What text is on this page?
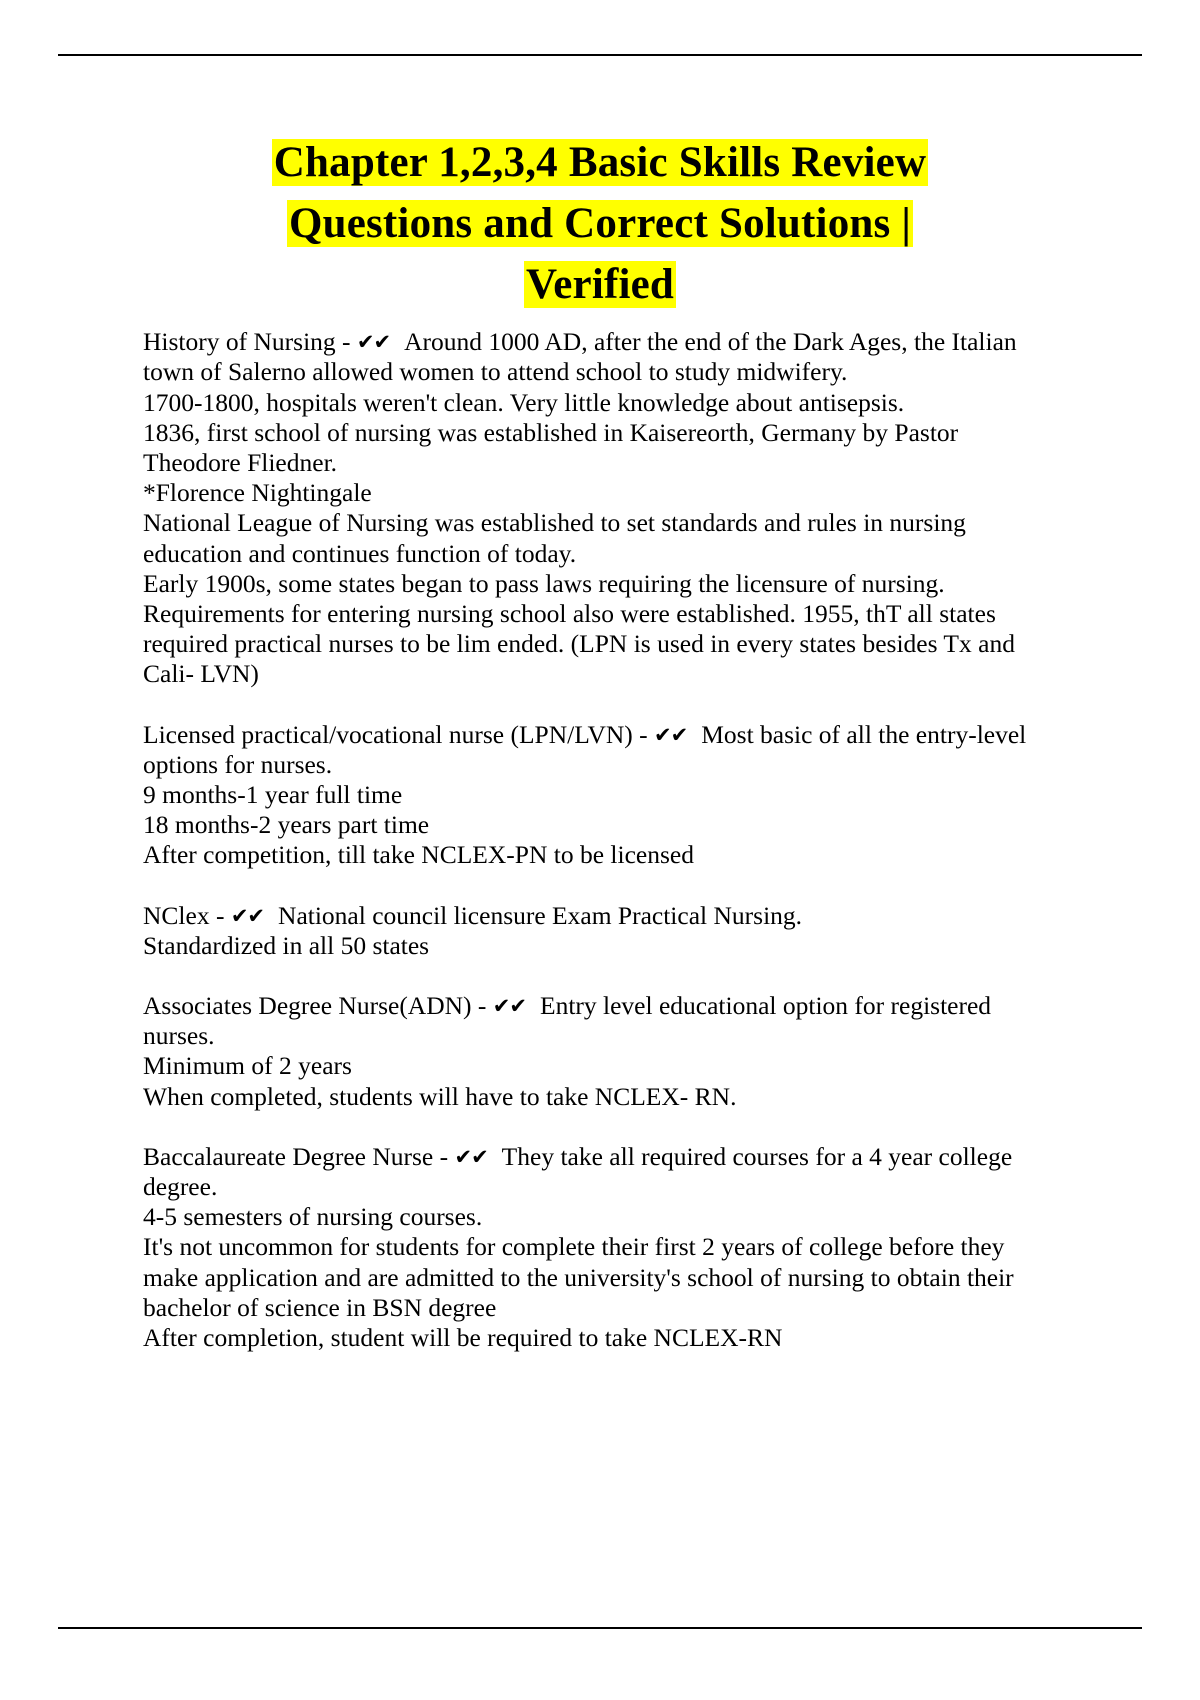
Chapter 1,2,3,4 Basic Skills Review
Questions and Correct Solutions |
Verified

History of Nursing - ✔✔ Around 1000 AD, after the end of the Dark Ages, the Italian town of Salerno allowed women to attend school to study midwifery.

1700-1800, hospitals weren't clean. Very little knowledge about antisepsis.

1836, first school of nursing was established in Kaisereorth, Germany by Pastor Theodore Fliedner.

*Florence Nightingale

National League of Nursing was established to set standards and rules in nursing education and continues function of today.

Early 1900s, some states began to pass laws requiring the licensure of nursing. Requirements for entering nursing school also were established. 1955, thT all states required practical nurses to be lim ended. (LPN is used in every states besides Tx and Cali- LVN)

Licensed practical/vocational nurse (LPN/LVN) - ✔✔ Most basic of all the entry-level options for nurses.

9 months-1 year full time

18 months-2 years part time

After competition, till take NCLEX-PN to be licensed

NClex - ✔✔ National council licensure Exam Practical Nursing.

Standardized in all 50 states

Associates Degree Nurse(ADN) - ✔✔ Entry level educational option for registered nurses.

Minimum of 2 years

When completed, students will have to take NCLEX- RN.

Baccalaureate Degree Nurse - ✔✔ They take all required courses for a 4 year college degree.

4-5 semesters of nursing courses.

It's not uncommon for students for complete their first 2 years of college before they make application and are admitted to the university's school of nursing to obtain their bachelor of science in BSN degree

After completion, student will be required to take NCLEX-RN
